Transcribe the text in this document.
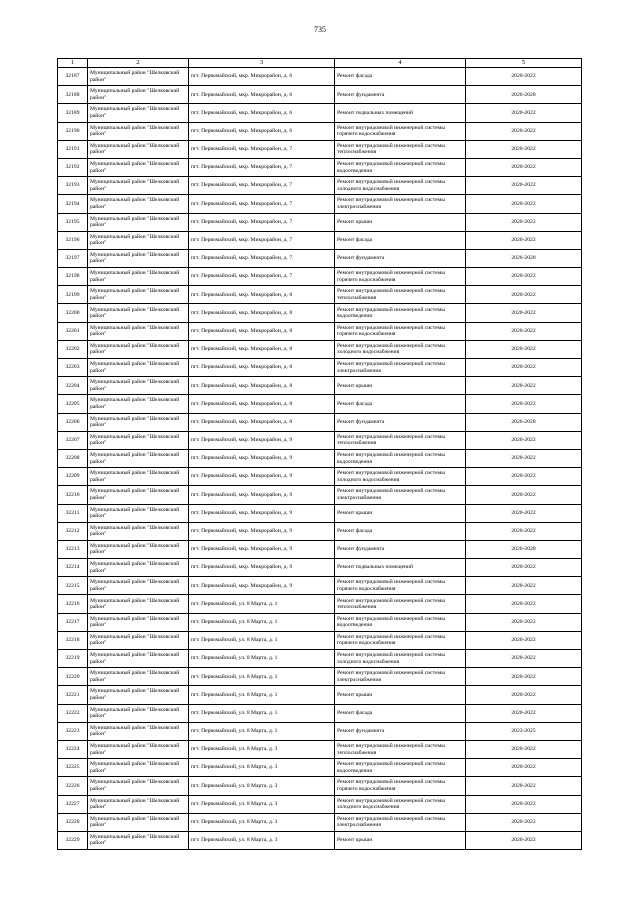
735
1	2	3	4	5
32187	Муниципальный район "Шелковский район"	пгт. Первомайский, мкр. Микрорайон, д. 6	Ремонт фасада	2020-2022
32188	Муниципальный район "Шелковский район"	пгт. Первомайский, мкр. Микрорайон, д. 6	Ремонт фундамента	2026-2028
32189	Муниципальный район "Шелковский район"	пгт. Первомайский, мкр. Микрорайон, д. 6	Ремонт подвальных помещений	2020-2022
32190	Муниципальный район "Шелковский район"	пгт. Первомайский, мкр. Микрорайон, д. 6	Ремонт внутридомовой инженерной системы горячего водоснабжения	2020-2022
32191	Муниципальный район "Шелковский район"	пгт. Первомайский, мкр. Микрорайон, д. 7	Ремонт внутридомовой инженерной системы теплоснабжения	2020-2022
32192	Муниципальный район "Шелковский район"	пгт. Первомайский, мкр. Микрорайон, д. 7	Ремонт внутридомовой инженерной системы водоотведения	2020-2022
32193	Муниципальный район "Шелковский район"	пгт. Первомайский, мкр. Микрорайон, д. 7	Ремонт внутридомовой инженерной системы холодного водоснабжения	2020-2022
32194	Муниципальный район "Шелковский район"	пгт. Первомайский, мкр. Микрорайон, д. 7	Ремонт внутридомовой инженерной системы электроснабжения	2020-2022
32195	Муниципальный район "Шелковский район"	пгт. Первомайский, мкр. Микрорайон, д. 7	Ремонт крыши	2020-2022
32196	Муниципальный район "Шелковский район"	пгт. Первомайский, мкр. Микрорайон, д. 7	Ремонт фасада	2020-2022
32197	Муниципальный район "Шелковский район"	пгт. Первомайский, мкр. Микрорайон, д. 7	Ремонт фундамента	2026-2028
32198	Муниципальный район "Шелковский район"	пгт. Первомайский, мкр. Микрорайон, д. 7	Ремонт внутридомовой инженерной системы горячего водоснабжения	2020-2022
32199	Муниципальный район "Шелковский район"	пгт. Первомайский, мкр. Микрорайон, д. 8	Ремонт внутридомовой инженерной системы теплоснабжения	2020-2022
32200	Муниципальный район "Шелковский район"	пгт. Первомайский, мкр. Микрорайон, д. 8	Ремонт внутридомовой инженерной системы водоотведения	2020-2022
32201	Муниципальный район "Шелковский район"	пгт. Первомайский, мкр. Микрорайон, д. 8	Ремонт внутридомовой инженерной системы горячего водоснабжения	2020-2022
32202	Муниципальный район "Шелковский район"	пгт. Первомайский, мкр. Микрорайон, д. 8	Ремонт внутридомовой инженерной системы холодного водоснабжения	2020-2022
32203	Муниципальный район "Шелковский район"	пгт. Первомайский, мкр. Микрорайон, д. 8	Ремонт внутридомовой инженерной системы электроснабжения	2020-2022
32204	Муниципальный район "Шелковский район"	пгт. Первомайский, мкр. Микрорайон, д. 8	Ремонт крыши	2020-2022
32205	Муниципальный район "Шелковский район"	пгт. Первомайский, мкр. Микрорайон, д. 8	Ремонт фасада	2020-2022
32206	Муниципальный район "Шелковский район"	пгт. Первомайский, мкр. Микрорайон, д. 8	Ремонт фундамента	2026-2028
32207	Муниципальный район "Шелковский район"	пгт. Первомайский, мкр. Микрорайон, д. 9	Ремонт внутридомовой инженерной системы теплоснабжения	2020-2022
32208	Муниципальный район "Шелковский район"	пгт. Первомайский, мкр. Микрорайон, д. 9	Ремонт внутридомовой инженерной системы водоотведения	2020-2022
32209	Муниципальный район "Шелковский район"	пгт. Первомайский, мкр. Микрорайон, д. 9	Ремонт внутридомовой инженерной системы холодного водоснабжения	2020-2022
32210	Муниципальный район "Шелковский район"	пгт. Первомайский, мкр. Микрорайон, д. 9	Ремонт внутридомовой инженерной системы электроснабжения	2020-2022
32211	Муниципальный район "Шелковский район"	пгт. Первомайский, мкр. Микрорайон, д. 9	Ремонт крыши	2020-2022
32212	Муниципальный район "Шелковский район"	пгт. Первомайский, мкр. Микрорайон, д. 9	Ремонт фасада	2020-2022
32213	Муниципальный район "Шелковский район"	пгт. Первомайский, мкр. Микрорайон, д. 9	Ремонт фундамента	2026-2028
32214	Муниципальный район "Шелковский район"	пгт. Первомайский, мкр. Микрорайон, д. 9	Ремонт подвальных помещений	2020-2022
32215	Муниципальный район "Шелковский район"	пгт. Первомайский, мкр. Микрорайон, д. 9	Ремонт внутридомовой инженерной системы горячего водоснабжения	2020-2022
32216	Муниципальный район "Шелковский район"	пгт. Первомайский, ул. 8 Марта, д. 1	Ремонт внутридомовой инженерной системы теплоснабжения	2020-2022
32217	Муниципальный район "Шелковский район"	пгт. Первомайский, ул. 8 Марта, д. 1	Ремонт внутридомовой инженерной системы водоотведения	2020-2022
32218	Муниципальный район "Шелковский район"	пгт. Первомайский, ул. 8 Марта, д. 1	Ремонт внутридомовой инженерной системы горячего водоснабжения	2020-2022
32219	Муниципальный район "Шелковский район"	пгт. Первомайский, ул. 8 Марта, д. 1	Ремонт внутридомовой инженерной системы холодного водоснабжения	2020-2022
32220	Муниципальный район "Шелковский район"	пгт. Первомайский, ул. 8 Марта, д. 1	Ремонт внутридомовой инженерной системы электроснабжения	2020-2022
32221	Муниципальный район "Шелковский район"	пгт. Первомайский, ул. 8 Марта, д. 1	Ремонт крыши	2020-2022
32222	Муниципальный район "Шелковский район"	пгт. Первомайский, ул. 8 Марта, д. 1	Ремонт фасада	2020-2022
32223	Муниципальный район "Шелковский район"	пгт. Первомайский, ул. 8 Марта, д. 1	Ремонт фундамента	2023-2025
32224	Муниципальный район "Шелковский район"	пгт. Первомайский, ул. 8 Марта, д. 3	Ремонт внутридомовой инженерной системы теплоснабжения	2020-2022
32225	Муниципальный район "Шелковский район"	пгт. Первомайский, ул. 8 Марта, д. 3	Ремонт внутридомовой инженерной системы водоотведения	2020-2022
32226	Муниципальный район "Шелковский район"	пгт. Первомайский, ул. 8 Марта, д. 3	Ремонт внутридомовой инженерной системы горячего водоснабжения	2020-2022
32227	Муниципальный район "Шелковский район"	пгт. Первомайский, ул. 8 Марта, д. 3	Ремонт внутридомовой инженерной системы холодного водоснабжения	2020-2022
32228	Муниципальный район "Шелковский район"	пгт. Первомайский, ул. 8 Марта, д. 3	Ремонт внутридомовой инженерной системы электроснабжения	2020-2022
32229	Муниципальный район "Шелковский район"	пгт. Первомайский, ул. 8 Марта, д. 3	Ремонт крыши	2020-2022
